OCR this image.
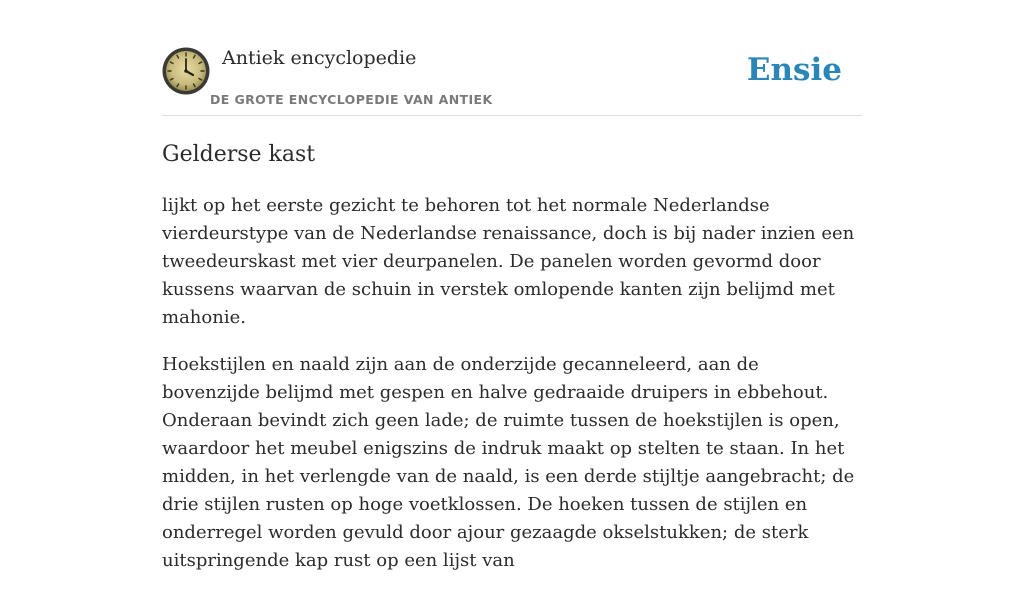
Antiek encyclopedie
DE GROTE ENCYCLOPEDIE VAN ANTIEK
Ensie
Gelderse kast

lijkt op het eerste gezicht te behoren tot het normale Nederlandse vierdeurstype van de Nederlandse renaissance, doch is bij nader inzien een tweedeurskast met vier deurpanelen. De panelen worden gevormd door kussens waarvan de schuin in verstek omlopende kanten zijn belijmd met mahonie.

Hoekstijlen en naald zijn aan de onderzijde gecanneleerd, aan de bovenzijde belijmd met gespen en halve gedraaide druipers in ebbehout. Onderaan bevindt zich geen lade; de ruimte tussen de hoekstijlen is open, waardoor het meubel enigszins de indruk maakt op stelten te staan. In het midden, in het verlengde van de naald, is een derde stijltje aangebracht; de drie stijlen rusten op hoge voetklossen. De hoeken tussen de stijlen en onderregel worden gevuld door ajour gezaagde okselstukken; de sterk uitspringende kap rust op een lijst van
